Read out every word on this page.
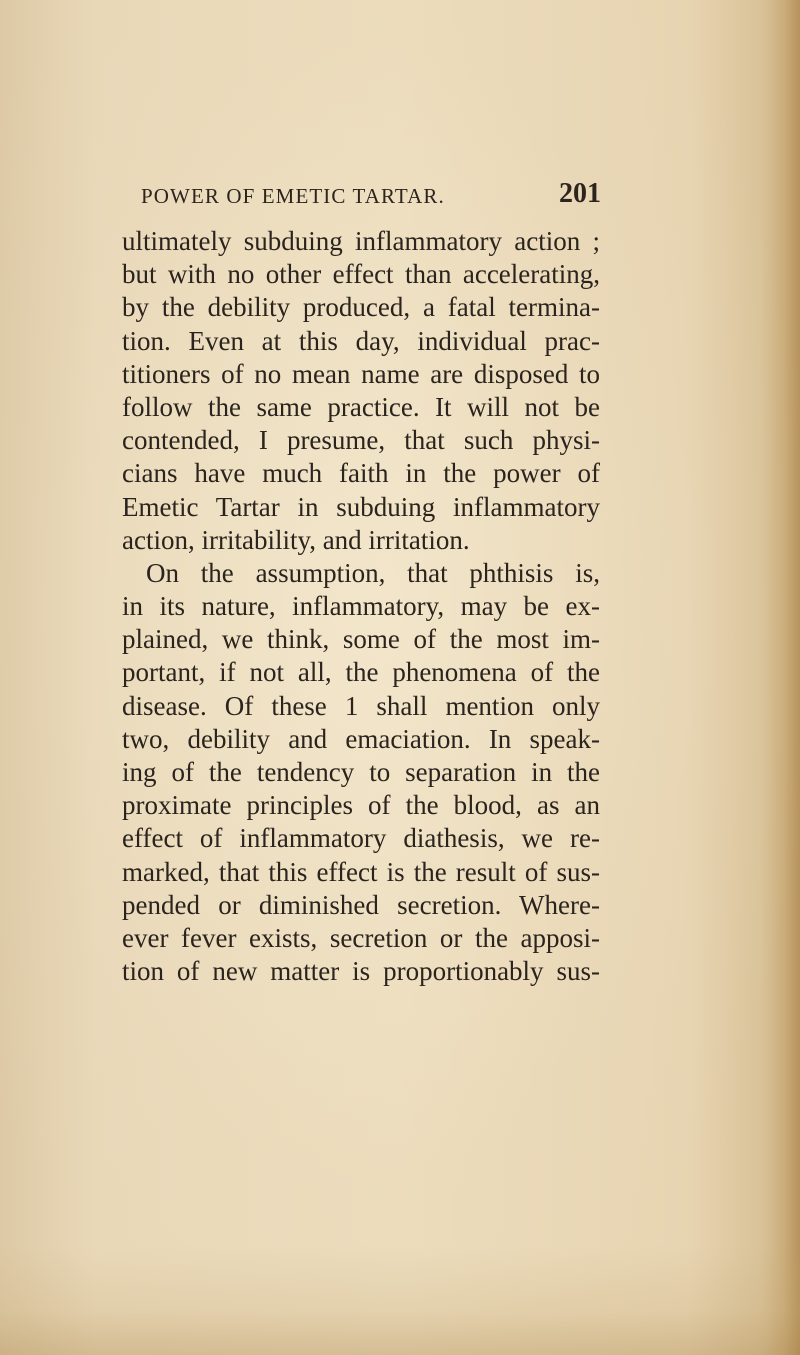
POWER OF EMETIC TARTAR.	201
ultimately subduing inflammatory action ;
but with no other effect than accelerating,
by the debility produced, a fatal termina-
tion. Even at this day, individual prac-
titioners of no mean name are disposed to
follow the same practice. It will not be
contended, I presume, that such physi-
cians have much faith in the power of
Emetic Tartar in subduing inflammatory
action, irritability, and irritation.
On the assumption, that phthisis is,
in its nature, inflammatory, may be ex-
plained, we think, some of the most im-
portant, if not all, the phenomena of the
disease. Of these 1 shall mention only
two, debility and emaciation. In speak-
ing of the tendency to separation in the
proximate principles of the blood, as an
effect of inflammatory diathesis, we re-
marked, that this effect is the result of sus-
pended or diminished secretion. Where-
ever fever exists, secretion or the apposi-
tion of new matter is proportionably sus-
